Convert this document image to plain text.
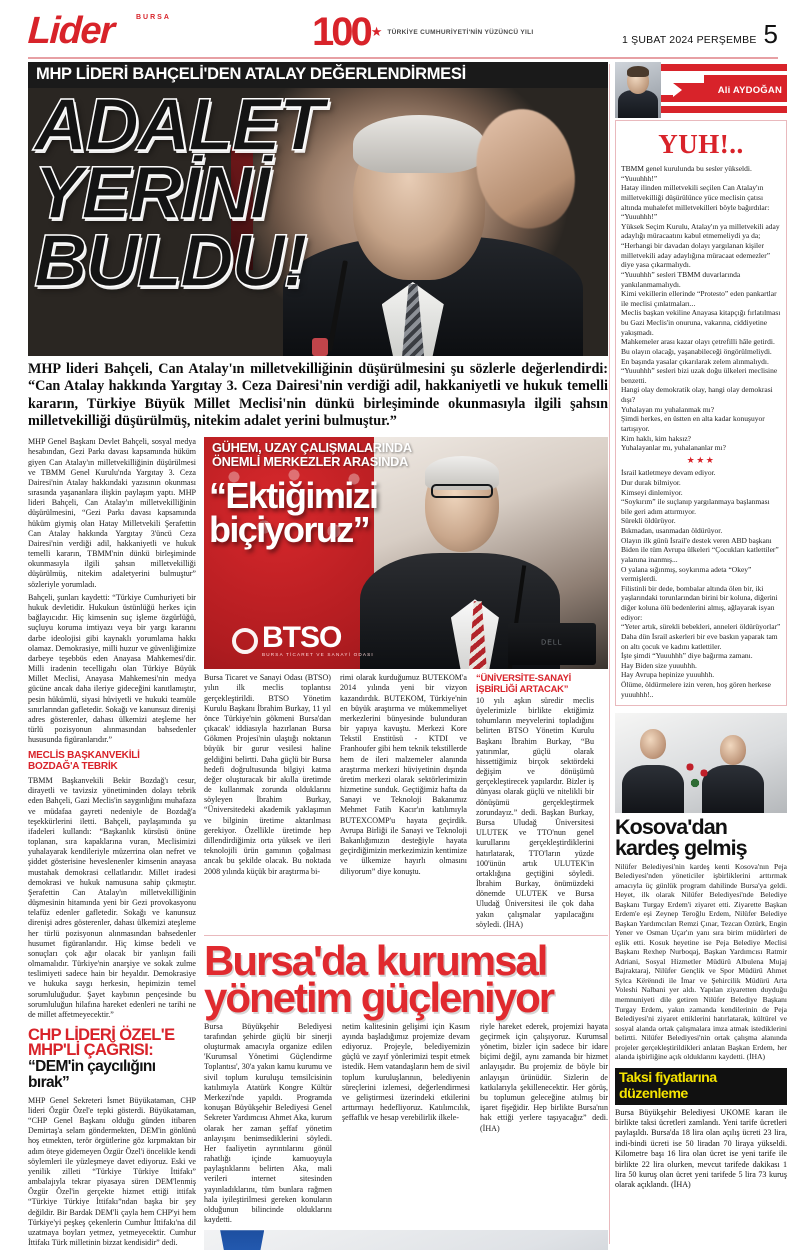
Lider	BURSA	100 ★ TÜRKİYE CUMHURİYETİ'NİN YÜZÜNCÜ YILI
1 ŞUBAT 2024 PERŞEMBE 5
MHP LİDERİ BAHÇELİ'DEN ATALAY DEĞERLENDİRMESİ
ADALET
YERİNİ
BULDU!
MHP lideri Bahçeli, Can Atalay'ın milletvekilliğinin düşürülmesini şu sözlerle değerlendirdi: “Can Atalay hakkında Yargıtay 3. Ceza Dairesi'nin verdiği adil, hakkaniyetli ve hukuk temelli kararın, Türkiye Büyük Millet Meclisi'nin dünkü birleşiminde okunmasıyla ilgili şahsın milletvekilliği düşürülmüş, nitekim adalet yerini bulmuştur.”
MHP Genel Başkanı Devlet Bahçeli, sosyal medya hesabından, Gezi Parkı davası kapsamında hüküm giyen Can Atalay'ın milletvekilliğinin düşürülmesi ve TBMM Genel Kurulu'nda Yargıtay 3. Ceza Dairesi'nin Atalay hakkındaki yazısının okunması sırasında yaşananlara ilişkin paylaşım yaptı. MHP lideri Bahçeli, Can Atalay'ın milletvekilliğinin düşürülmesini, “Gezi Parkı davası kapsamında hüküm giymiş olan Hatay Milletvekili Şerafettin Can Atalay hakkında Yargıtay 3'üncü Ceza Dairesi'nin verdiği adil, hakkaniyetli ve hukuk temelli kararın, TBMM'nin dünkü birleşiminde okunmasıyla ilgili şahsın milletvekilliği düşürülmüş, nitekim adaletyerini bulmuştur” sözleriyle yorumladı.
Bahçeli, şunları kaydetti: “Türkiye Cumhuriyeti bir hukuk devletidir. Hukukun üstünlüğü herkes için bağlayıcıdır. Hiç kimsenin suç işleme özgürlüğü, suçluyu koruma imtiyazı veya bir yargı kararını darbe ideolojisi gibi kaynaklı yorumlama hakkı olamaz. Demokrasiye, milli huzur ve güvenliğimize darbeye teşebbüs eden Anayasa Mahkemesi'dir. Milli iradenin tecelligahı olan Türkiye Büyük Millet Meclisi, Anayasa Mahkemesi'nin medya gücüne ancak daha ileriye gideceğini kanıtlamıştır, pesin hükümlü, siyasi hüviyetli ve hukuki teamüle sınırlarından gafletedir. Sokağı ve kanunsuz direnişi adres gösterenler, dahası ülkemizi ateşleme her türlü pozisyonun alınmasından bahsedenler hususunda figüranlarıdır.”
MECLİS BAŞKANVEKİLİ
BOZDAĞ'A TEBRİK
TBMM Başkanvekili Bekir Bozdağ'ı cesur, dirayetli ve tavizsiz yönetiminden dolayı tebrik eden Bahçeli, Gazi Meclis'in saygınlığını muhafaza ve müdafaa gayreti nedeniyle de Bozdağ'a teşekkürlerini iletti. Bahçeli, paylaşımında şu ifadeleri kullandı: “Başkanlık kürsüsü önüne toplanan, sıra kapaklarına vuran, Meclisimizi yuhalayarak kendileriyle müzerrina olan nefret ve şiddet gösterisine heveslenenler kimsenin anayasa mustahak demokrasi cellatlarıdır. Millet iradesi demokrasi ve hukuk namusuna sahip çıkmıştır. Şerafettin Can Atalay'ın milletvekilliğinin düşmesinin hitamında yeni bir Gezi provokasyonu telafüz edenler gafletedir. Sokağı ve kanunsuz direnişi adres gösterenler, dahası ülkemizi ateşleme her türlü pozisyonun alınmasından bahsedenler husumet figüranlarıdır. Hiç kimse bedeli ve sonuçları çok ağır olacak bir yanlışın faili olmamalıdır. Türkiye'nin anarşiye ve sokak zulme teslimiyeti sadece hain bir heyaldır. Demokrasiye ve hukuka saygı herkesin, hepimizin temel sorumluluğudur. Şayet kaybının pençesinde bu sorumluluğun hilafına hareket edenleri ne tarihi ne de millet affetmeyecektir.”
CHP LİDERİ ÖZEL'E
MHP'Lİ ÇAĞRISI:
“DEM'in çaycılığını bırak”
MHP Genel Sekreteri İsmet Büyükataman, CHP lideri Özgür Özel'e tepki gösterdi. Büyükataman, “CHP Genel Başkanı olduğu günden itibaren Demirtaş'a selam göndermekten, DEM'in gönlünü hoş etmekten, terör örgütlerine göz kırpmaktan bir adım öteye gidemeyen Özgür Özel'i öncelikle kendi söylemleri ile yüzleşmeye davet ediyoruz. Eski ve yenilik zilleti “Türkiye Türkiye İttifakı” ambalajıyla tekrar piyasaya süren DEM'lenmiş Özgür Özel'in gerçekte hizmet ettiği ittifak “Türkiye Türkiye İttifakı”ndan başka bir şey değildir. Bir Bardak DEM'li çayla hem CHP'yi hem Türkiye'yi peşkeş çekenlerin Cumhur İttifakı'na dil uzatmaya boyları yetmez, yetmeyecektir. Cumhur İttifakı Türk milletinin bizzat kendisidir” dedi.
DELL
GÜHEM, UZAY ÇALIŞMALARINDA
ÖNEMLİ MERKEZLER ARASINDA
“Ektiğimizi
biçiyoruz”
BTSO
BURSA TİCARET VE SANAYİ ODASI
Bursa Ticaret ve Sanayi Odası (BTSO) yılın ilk meclis toplantısı gerçekleştirildi. BTSO Yönetim Kurulu Başkanı İbrahim Burkay, 11 yıl önce Türkiye'nin gökmeni Bursa'dan çıkacak' iddiasıyla hazırlanan Bursa Gökmen Projesi'nin ulaştığı noktanın büyük bir gurur vesilesi haline geldiğini belirtti. Daha güçlü bir Bursa hedefi doğrultusunda bilgiyi katma değer oluşturacak bir akılla üretimde de kullanmak zorunda olduklarını söyleyen İbrahim Burkay, “Üniversitedeki akademik yaklaşımın ve bilginin üretime aktarılması gerekiyor. Özellikle üretimde hep dillendirdiğimiz orta yüksek ve ileri teknolojili ürün gamının çoğalması ancak bu şekilde olacak. Bu noktada 2008 yılında küçük bir araştırma bi-
rimi olarak kurduğumuz BUTEKOM'a 2014 yılında yeni bir vizyon kazandırdık. BUTEKOM, Türkiye'nin en büyük araştırma ve mükemmeliyet merkezlerini bünyesinde bulunduran bir yapıya kavuştu. Merkezi Kore Tekstil Enstitüsü - KTDI ve Franhoufer gibi hem teknik tekstillerde hem de ileri malzemeler alanında araştırma merkezi hüviyetinin dışında üretim merkezi olarak sektörlerimizin hizmetine sunduk. Geçtiğimiz hafta da Sanayi ve Teknoloji Bakanımız Mehmet Fatih Kacır'ın katılımıyla BUTEXCOMP'u hayata geçirdik. Avrupa Birliği ile Sanayi ve Teknoloji Bakanlığımızın desteğiyle hayata geçirdiğimizin merkezimizin kentimize ve ülkemize hayırlı olmasını diliyorum” diye konuştu.
“ÜNİVERSİTE-SANAYİ
İŞBİRLİĞİ ARTACAK”
10 yılı aşkın süredir meclis üyelerimizle birlikte ektiğimiz tohumların meyvelerini topladığını belirten BTSO Yönetim Kurulu Başkanı İbrahim Burkay, “Bu yatırımlar, güçlü olarak hissettiğimiz birçok sektördeki değişim ve dönüşümü gerçekleştirecek yapılardır. Bizler iş dünyası olarak güçlü ve nitelikli bir dönüşümü gerçekleştirmek zorundayız.” dedi. Başkan Burkay, Bursa Uludağ Üniversitesi ULUTEK ve TTO'nun genel kurullarını gerçekleştirdiklerini hatırlatarak, TTO'ların yüzde 100'ünün artık ULUTEK'in ortaklığına geçtiğini söyledi. İbrahim Burkay, önümüzdeki dönemde ULUTEK ve Bursa Uludağ Üniversitesi ile çok daha yakın çalışmalar yapılacağını söyledi. (İHA)
Bursa'da kurumsal
yönetim güçleniyor
Bursa Büyükşehir Belediyesi tarafından şehirde güçlü bir sinerji oluşturmak amacıyla organize edilen 'Kurumsal Yönetimi Güçlendirme Toplantısı', 30'a yakın kamu kurumu ve sivil toplum kuruluşu temsilcisinin katılımıyla Atatürk Kongre Kültür Merkezi'nde yapıldı. Programda konuşan Büyükşehir Belediyesi Genel Sekreter Yardımcısı Ahmet Aka, kurum olarak her zaman şeffaf yönetim anlayışını benimsediklerini söyledi. Her faaliyetin ayrıntılarını gönül rahatlığı içinde kamuoyuyla paylaştıklarını belirten Aka, mali verileri internet sitesinden yayınladıklarını, tüm bunlara rağmen hala iyileştirilmesi gereken konuların olduğunun bilincinde olduklarını kaydetti.
netim kalitesinin gelişimi için Kasım ayında başladığımız projemize devam ediyoruz. Projeyle, belediyemizin güçlü ve zayıf yönlerimizi tespit etmek istedik. Hem vatandaşların hem de sivil toplum kuruluşlarının, belediyenin süreçlerini izlemesi, değerlendirmesi ve geliştirmesi üzerindeki etkilerini arttırmayı hedefliyoruz. Katılımcılık, şeffaflık ve hesap verebilirlik ilkele-
riyle hareket ederek, projemizi hayata geçirmek için çalışıyoruz. Kurumsal yönetim, bizler için sadece bir idare biçimi değil, aynı zamanda bir hizmet anlayışıdır. Bu projemiz de böyle bir anlayışın ürünüdür. Sizlerin de katkılarıyla şekillenecektir. Her görüş, bu toplumun geleceğine atılmış bir işaret fişeğidir. Hep birlikte Bursa'nın hak ettiği yerlere taşıyacağız” dedi. (İHA)
Ali AYDOĞAN
YUH!..

TBMM genel kurulunda bu sesler yükseldi.

“Yuuuhhh!”

Hatay ilinden milletvekili seçilen Can Atalay'ın milletvekilliği düşürülünce yüce meclisin çatısı altında muhalefet milletvekilleri böyle bağırdılar:

“Yuuuhhh!”

Yüksek Seçim Kurulu, Atalay'ın ya milletvekili aday adaylığı müracaatını kabul etmemeliydi ya da;

“Herhangi bir davadan dolayı yargılanan kişiler milletvekili aday adaylığına müracaat edemezler” diye yasa çıkarmalıydı.

“Yuuuhhh” sesleri TBMM duvarlarında yankılanmamalıydı.

Kimi vekillerin ellerinde “Protesto” eden pankartlar ile meclisi çınlatmaları...

Meclis başkan vekiline Anayasa kitapçığı fırlatılması bu Gazi Meclis'in onuruna, vakarına, ciddiyetine yakışmadı.

Mahkemeler arası kazar olayı çetrefilli hâle getirdi.

Bu olayın olacağı, yaşanabileceği öngörülmeliydi.

En başında yasalar çıkarılarak zelem alınmalıydı.

“Yuuuhhh” sesleri bizi uzak doğu ülkeleri meclisine benzetti.

Hangi olay demokratik olay, hangi olay demokrasi dışı?

Yuhalayan mı yuhalanmak mı?

Şimdi herkes, en üstten en alta kadar konuşuyor tartışıyor.

Kim haklı, kim haksız?

Yuhalayanlar mı, yuhalananlar mı?

★★★

İsrail katletmeye devam ediyor.

Dur durak bilmiyor.

Kimseyi dinlemiyor.

“Soykırım” ile suçlanıp yargılanmaya başlanması bile geri adım attırmıyor.

Sürekli öldürüyor.

Bıkmadan, usanmadan öldürüyor.

Olayın ilk günü İsrail'e destek veren ABD başkanı Biden ile tüm Avrupa ülkeleri “Çocukları katlettiler” yalanına inanmış...

O yalana sığınmış, soykırıma adeta “Okey” vermişlerdi.

Filistinli bir dede, bombalar altında ölen bir, iki yaşlarındaki torunlarından birini bir koluna, diğerini diğer koluna ölü bedenlerini almış, ağlayarak isyan ediyor:

“Yeter artık, sürekli bebekleri, anneleri öldürüyorlar”

Daha dün İsrail askerleri bir eve baskın yaparak tam on altı çocuk ve kadını katlettiler.

İşte şimdi “Yuuuhhh” diye bağırma zamanı.

Hay Biden size yuuuhhh.

Hay Avrupa hepinize yuuuhhh.

Ölüme, öldürmelere izin veren, hoş gören herkese yuuuhhh!..

Kosova'dan
kardeş gelmiş
Nilüfer Belediyesi'nin kardeş kenti Kosova'nın Peja Belediyesi'nden yöneticiler işbirliklerini arttırmak amacıyla üç günlük program dahilinde Bursa'ya geldi. Heyet, ilk olarak Nilüfer Belediyesi'nde Belediye Başkanı Turgay Erdem'i ziyaret etti. Ziyarette Başkan Erdem'e eşi Zeynep Teroğlu Erdem, Nilüfer Belediye Başkan Yardımcıları Remzi Çınar, Tezcan Öztürk, Engin Yener ve Osman Uçar'ın yanı sıra birim müdürleri de eşlik etti. Kosuk heyetine ise Peja Belediye Meclisi Başkanı Rexhep Nurboqaj, Başkan Yardımcısı Ratmir Adriani, Sosyal Hizmetler Müdürü Albulena Mujaj Bajraktaraj, Nilüfer Gençlik ve Spor Müdürü Ahmet Sylca Kёrёnndi ile İmar ve Şehircilik Müdürü Arta Voleshi Nalbani yer aldı. Yapılan ziyaretten duyduğu memnuniyeti dile getiren Nilüfer Belediye Başkanı Turgay Erdem, yakın zamanda kendilerinin de Peja Belediyesi'ni ziyaret ettiklerini hatırlatarak, kültürel ve sosyal alanda ortak çalışmalara imza atmak istediklerini belirtti. Nilüfer Belediyesi'nin ortak çalışma alanında projeler gerçekleştirildikleri anlatan Başkan Erdem, her alanda işbirliğine açık olduklarını kaydetti. (İHA)
Taksi fiyatlarına düzenleme
Bursa Büyükşehir Belediyesi UKOME kararı ile birlikte taksi ücretleri zamlandı. Yeni tarife ücretleri paylaşıldı. Bursa'da 18 lira olan açılış ücreti 23 lira, indi-bindi ücreti ise 50 liradan 70 liraya yükseldi. Kilometre başı 16 lira olan ücret ise yeni tarife ile birlikte 22 lira olurken, mevcut tarifede dakikası 1 lira 50 kuruş olan ücret yeni tarifede 5 lira 73 kuruş olarak açıklandı. (İHA)
